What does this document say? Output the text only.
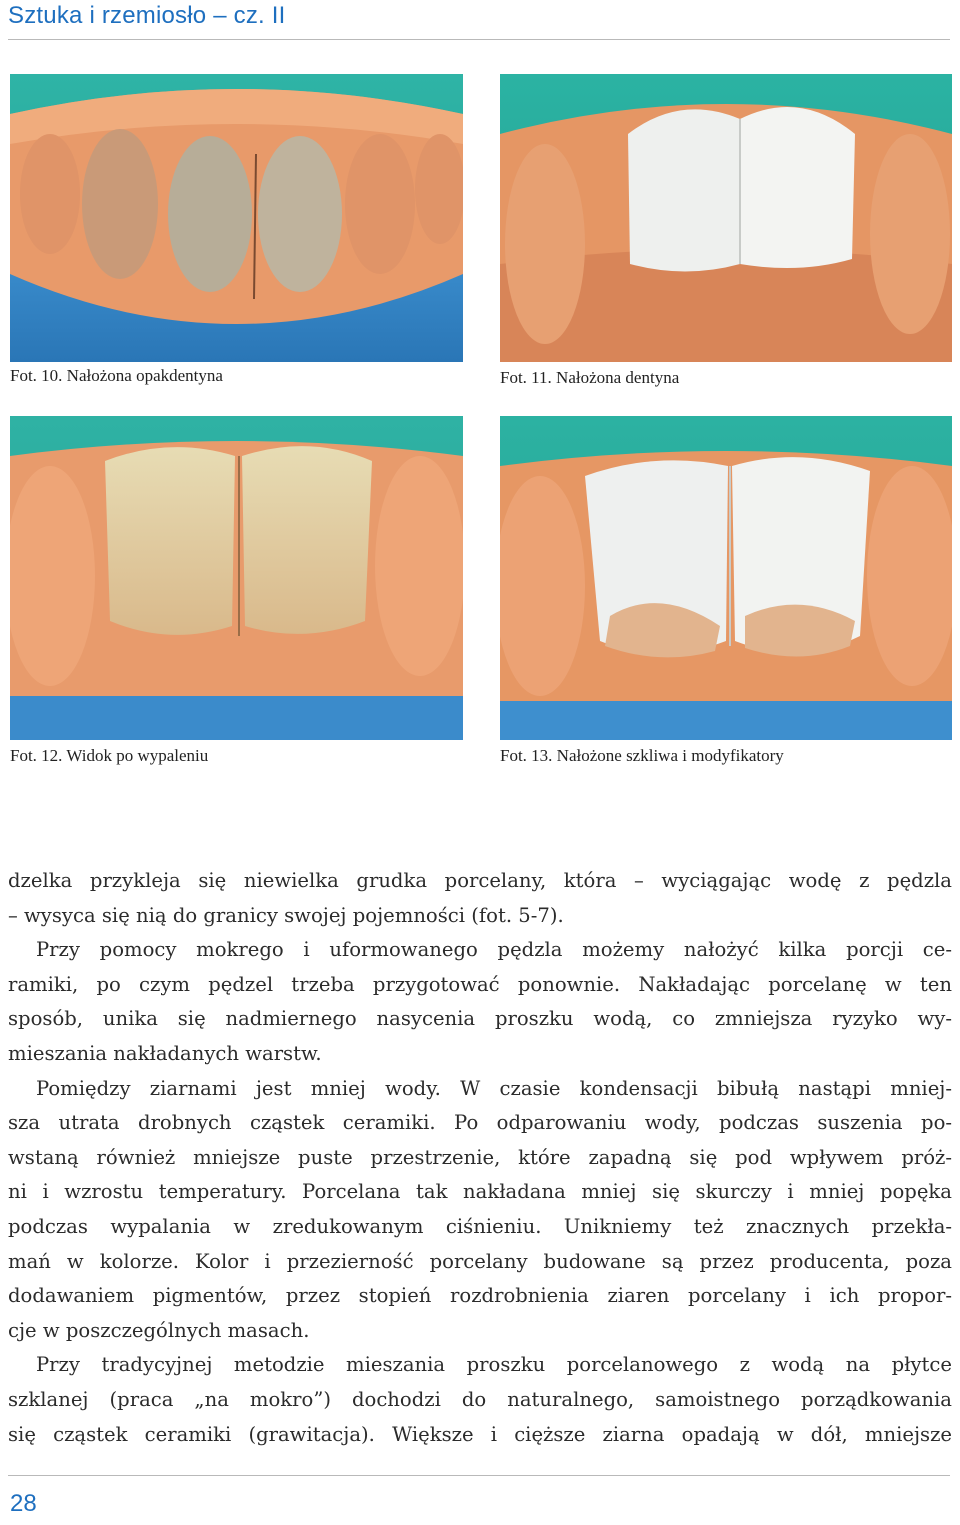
Sztuka i rzemiosło – cz. II
Fot. 10. Nałożona opakdentyna	Fot. 11. Nałożona dentyna
Fot. 12. Widok po wypaleniu	Fot. 13. Nałożone szkliwa i modyfikatory
dzelka przykleja się niewielka grudka porcelany, która – wyciągając wodę z pędzla
– wysyca się nią do granicy swojej pojemności (fot. 5-7).
Przy pomocy mokrego i uformowanego pędzla możemy nałożyć kilka porcji ce-
ramiki, po czym pędzel trzeba przygotować ponownie. Nakładając porcelanę w ten
sposób, unika się nadmiernego nasycenia proszku wodą, co zmniejsza ryzyko wy-
mieszania nakładanych warstw.
Pomiędzy ziarnami jest mniej wody. W czasie kondensacji bibułą nastąpi mniej-
sza utrata drobnych cząstek ceramiki. Po odparowaniu wody, podczas suszenia po-
wstaną również mniejsze puste przestrzenie, które zapadną się pod wpływem próż-
ni i wzrostu temperatury. Porcelana tak nakładana mniej się skurczy i mniej popęka
podczas wypalania w zredukowanym ciśnieniu. Unikniemy też znacznych przekła-
mań w kolorze. Kolor i przezierność porcelany budowane są przez producenta, poza
dodawaniem pigmentów, przez stopień rozdrobnienia ziaren porcelany i ich propor-
cje w poszczególnych masach.
Przy tradycyjnej metodzie mieszania proszku porcelanowego z wodą na płytce
szklanej (praca „na mokro”) dochodzi do naturalnego, samoistnego porządkowania
się cząstek ceramiki (grawitacja). Większe i cięższe ziarna opadają w dół, mniejsze
28
